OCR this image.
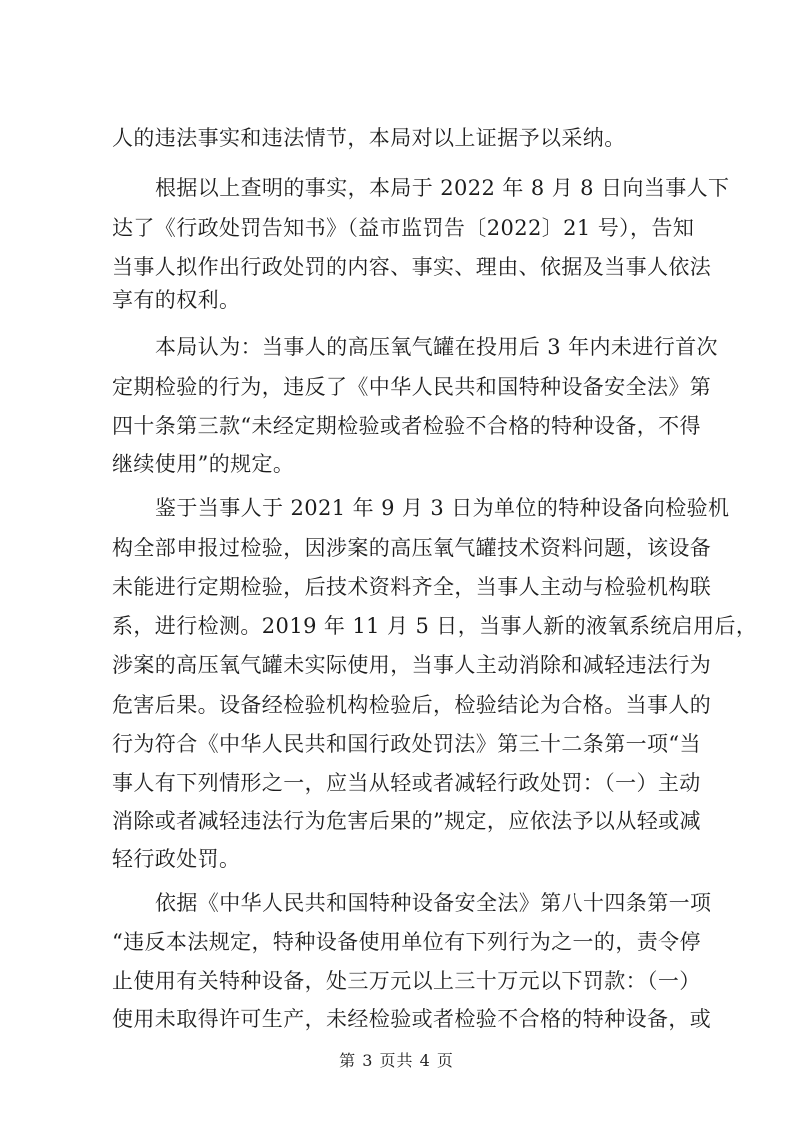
人的违法事实和违法情节，本局对以上证据予以采纳。
根据以上查明的事实，本局于 2022 年 8 月 8 日向当事人下
达了《行政处罚告知书》（益市监罚告〔2022〕21 号），告知
当事人拟作出行政处罚的内容、事实、理由、依据及当事人依法
享有的权利。
本局认为：当事人的高压氧气罐在投用后 3 年内未进行首次
定期检验的行为，违反了《中华人民共和国特种设备安全法》第
四十条第三款“未经定期检验或者检验不合格的特种设备，不得
继续使用”的规定。
鉴于当事人于 2021 年 9 月 3 日为单位的特种设备向检验机
构全部申报过检验，因涉案的高压氧气罐技术资料问题，该设备
未能进行定期检验，后技术资料齐全，当事人主动与检验机构联
系，进行检测。2019 年 11 月 5 日，当事人新的液氧系统启用后，
涉案的高压氧气罐未实际使用，当事人主动消除和减轻违法行为
危害后果。设备经检验机构检验后，检验结论为合格。当事人的
行为符合《中华人民共和国行政处罚法》第三十二条第一项“当
事人有下列情形之一，应当从轻或者减轻行政处罚：（一）主动
消除或者减轻违法行为危害后果的”规定，应依法予以从轻或减
轻行政处罚。
依据《中华人民共和国特种设备安全法》第八十四条第一项
“违反本法规定，特种设备使用单位有下列行为之一的，责令停
止使用有关特种设备，处三万元以上三十万元以下罚款：（一）
使用未取得许可生产，未经检验或者检验不合格的特种设备，或
第 3 页共 4 页
